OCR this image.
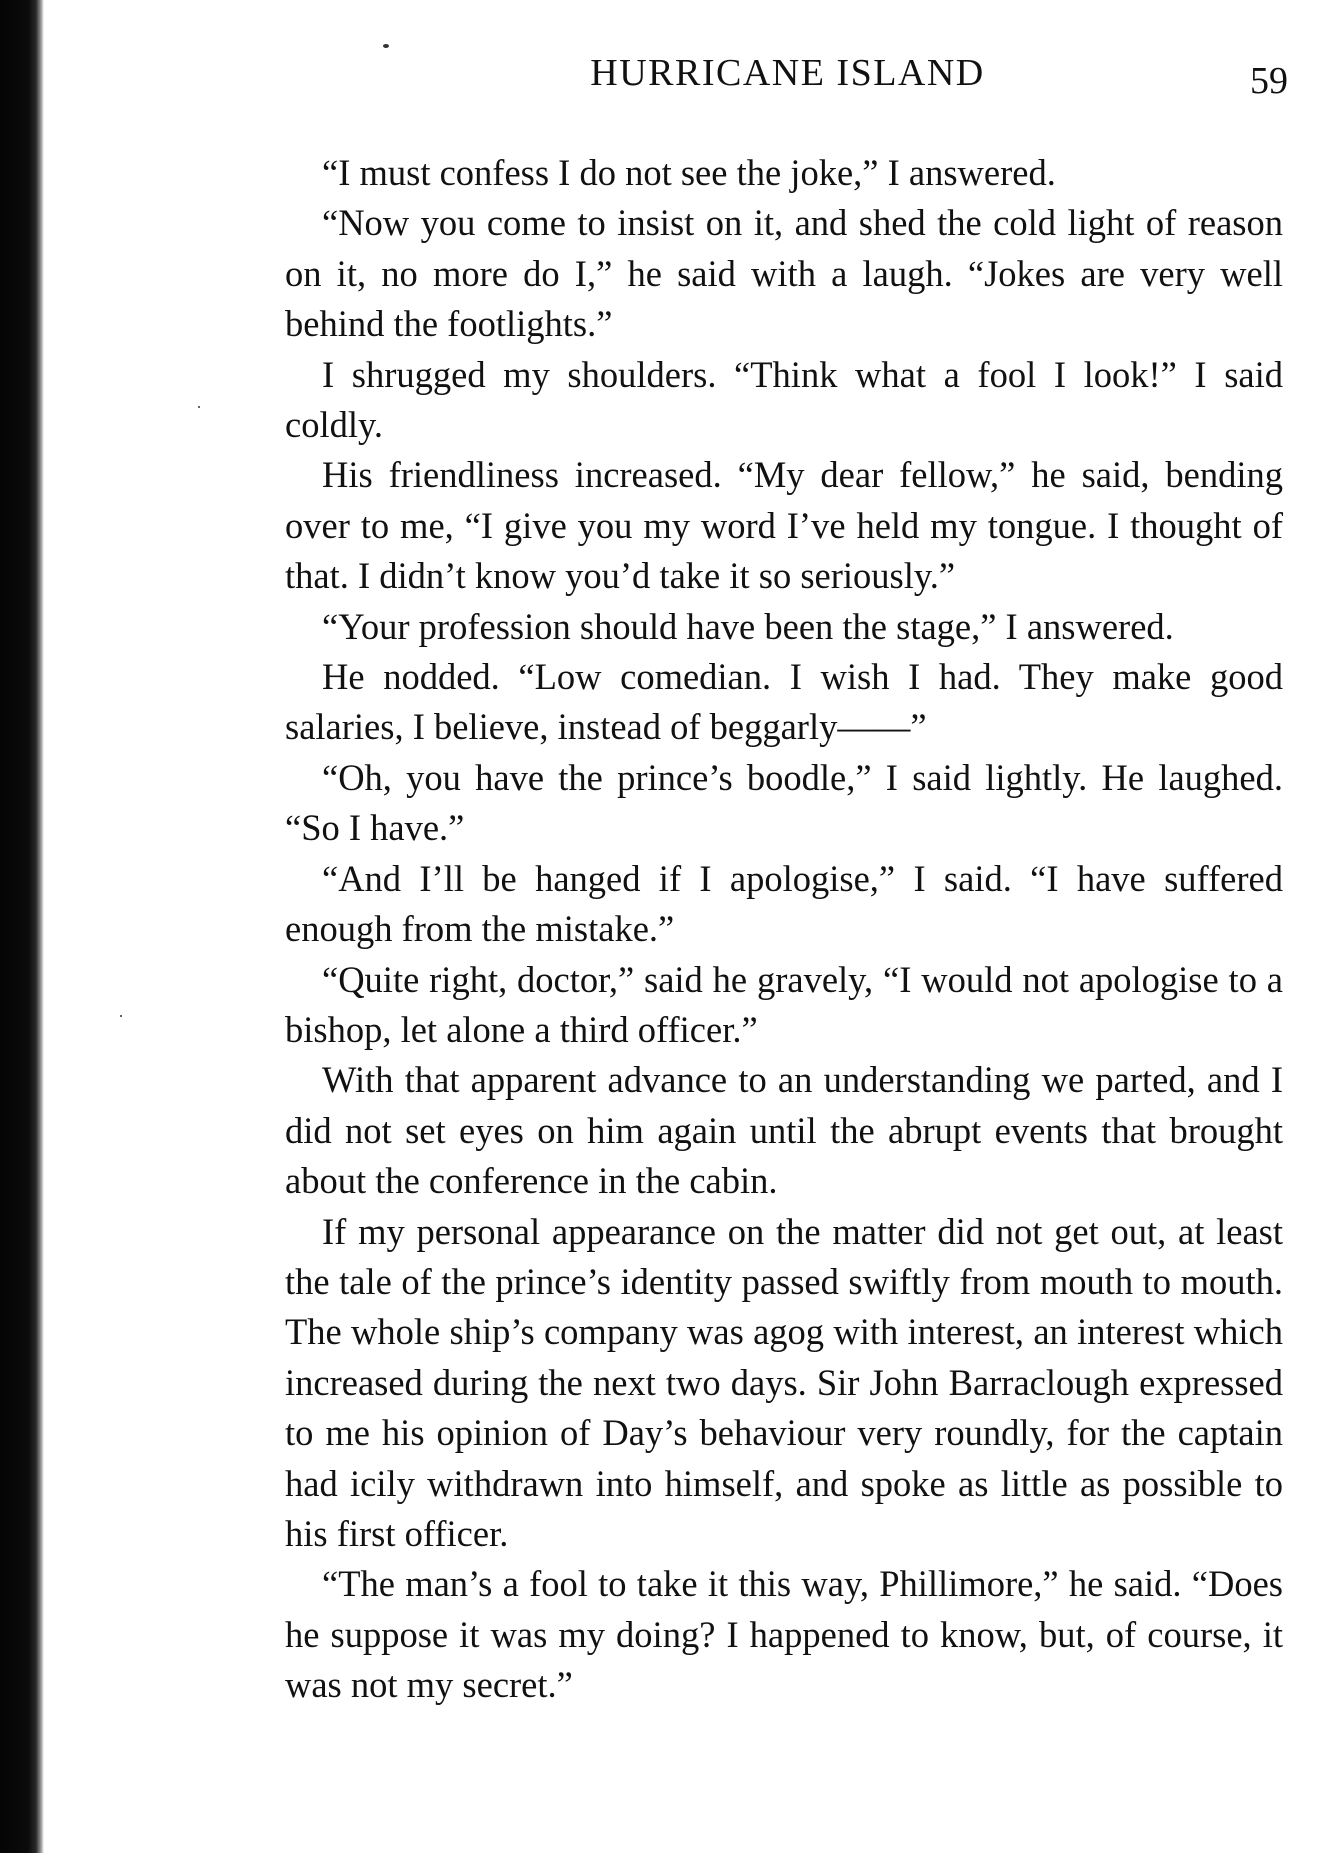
HURRICANE ISLAND	59

“I must confess I do not see the joke,” I answered.

“Now you come to insist on it, and shed the cold light of reason on it, no more do I,” he said with a laugh. “Jokes are very well behind the footlights.”

I shrugged my shoulders. “Think what a fool I look!” I said coldly.

His friendliness increased. “My dear fellow,” he said, bending over to me, “I give you my word I’ve held my tongue. I thought of that. I didn’t know you’d take it so seriously.”

“Your profession should have been the stage,” I answered.

He nodded. “Low comedian. I wish I had. They make good salaries, I believe, instead of beggarly——”

“Oh, you have the prince’s boodle,” I said lightly. He laughed. “So I have.”

“And I’ll be hanged if I apologise,” I said. “I have suffered enough from the mistake.”

“Quite right, doctor,” said he gravely, “I would not apologise to a bishop, let alone a third officer.”

With that apparent advance to an understanding we parted, and I did not set eyes on him again until the abrupt events that brought about the conference in the cabin.

If my personal appearance on the matter did not get out, at least the tale of the prince’s identity passed swiftly from mouth to mouth. The whole ship’s company was agog with interest, an interest which increased during the next two days. Sir John Barraclough expressed to me his opinion of Day’s behaviour very roundly, for the captain had icily withdrawn into himself, and spoke as little as possible to his first officer.

“The man’s a fool to take it this way, Phillimore,” he said. “Does he suppose it was my doing? I happened to know, but, of course, it was not my secret.”
